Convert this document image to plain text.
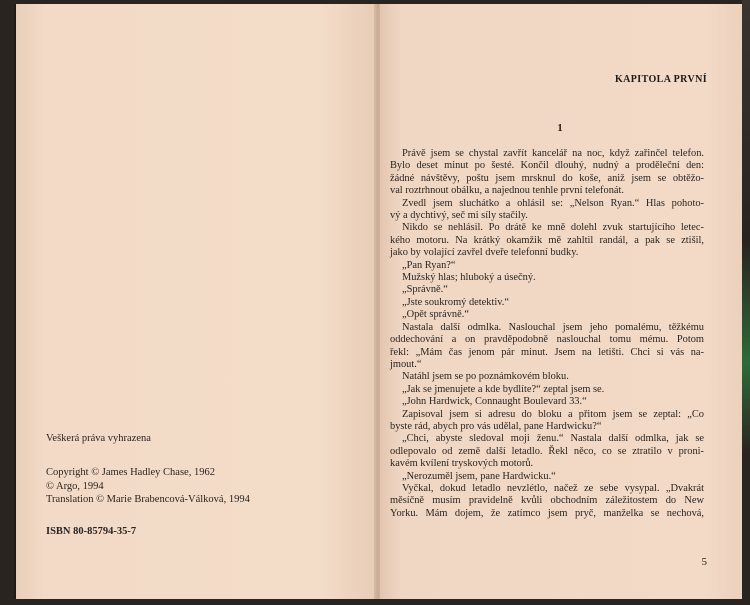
Veškerá práva vyhrazena
Copyright © James Hadley Chase, 1962
© Argo, 1994
Translation © Marie Brabencová-Válková, 1994
ISBN 80-85794-35-7
KAPITOLA PRVNÍ
1
Právě jsem se chystal zavřít kancelář na noc, když zařinčel telefon.
Bylo deset minut po šesté. Končil dlouhý, nudný a proděleční den:
žádné návštěvy, poštu jsem mrsknul do koše, aniž jsem se obtěžo-
val roztrhnout obálku, a najednou tenhle první telefonát.
Zvedl jsem sluchátko a ohlásil se: „Nelson Ryan.“ Hlas pohoto-
vý a dychtivý, seč mi síly stačily.
Nikdo se nehlásil. Po drátě ke mně dolehl zvuk startujícího letec-
kého motoru. Na krátký okamžik mě zahltil randál, a pak se ztišil,
jako by volající zavřel dveře telefonní budky.
„Pan Ryan?“
Mužský hlas; hluboký a úsečný.
„Správně.“
„Jste soukromý detektiv.“
„Opět správně.“
Nastala další odmlka. Naslouchal jsem jeho pomalému, těžkému
oddechování a on pravděpodobně naslouchal tomu mému. Potom
řekl: „Mám čas jenom pár minut. Jsem na letišti. Chci si vás na-
jmout.“
Natáhl jsem se po poznámkovém bloku.
„Jak se jmenujete a kde bydlíte?“ zeptal jsem se.
„John Hardwick, Connaught Boulevard 33.“
Zapisoval jsem si adresu do bloku a přitom jsem se zeptal: „Co
byste rád, abych pro vás udělal, pane Hardwicku?“
„Chci, abyste sledoval moji ženu.“ Nastala další odmlka, jak se
odlepovalo od země další letadlo. Řekl něco, co se ztratilo v proni-
kavém kvílení tryskových motorů.
„Nerozuměl jsem, pane Hardwicku.“
Vyčkal, dokud letadlo nevzlétlo, načež ze sebe vysypal. „Dvakrát
měsíčně musím pravidelně kvůli obchodním záležitostem do New
Yorku. Mám dojem, že zatímco jsem pryč, manželka se nechová,
5
